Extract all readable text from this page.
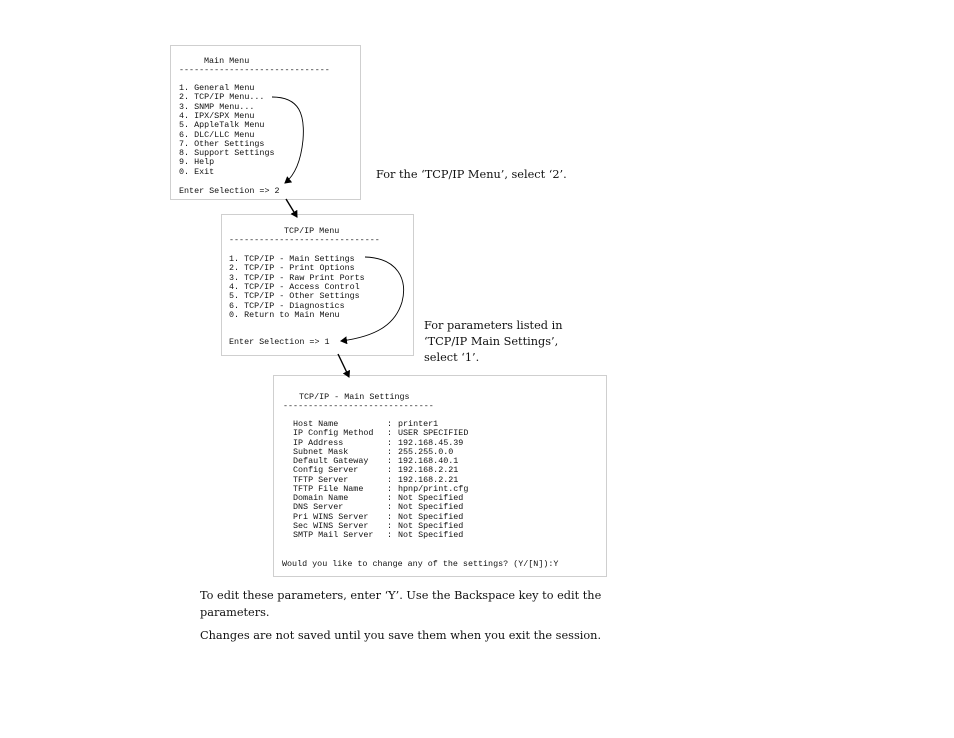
Main Menu
------------------------------
1. General Menu
2. TCP/IP Menu...
3. SNMP Menu...
4. IPX/SPX Menu
5. AppleTalk Menu
6. DLC/LLC Menu
7. Other Settings
8. Support Settings
9. Help
0. Exit
Enter Selection => 2
For the ‘TCP/IP Menu’, select ‘2’.
TCP/IP Menu
------------------------------
1. TCP/IP - Main Settings
2. TCP/IP - Print Options
3. TCP/IP - Raw Print Ports
4. TCP/IP - Access Control
5. TCP/IP - Other Settings
6. TCP/IP - Diagnostics
0. Return to Main Menu
Enter Selection => 1
For parameters listed in
‘TCP/IP Main Settings’,
select ‘1’.
TCP/IP - Main Settings
------------------------------
Host Name	: printer1
IP Config Method : USER SPECIFIED
IP Address	: 192.168.45.39
Subnet Mask	: 255.255.0.0
Default Gateway : 192.168.40.1
Config Server	: 192.168.2.21
TFTP Server	: 192.168.2.21
TFTP File Name	: hpnp/print.cfg
Domain Name	: Not Specified
DNS Server	: Not Specified
Pri WINS Server : Not Specified
Sec WINS Server : Not Specified
SMTP Mail Server : Not Specified
Would you like to change any of the settings? (Y/[N]):Y
To edit these parameters, enter ‘Y’. Use the Backspace key to edit the
parameters.
Changes are not saved until you save them when you exit the session.
